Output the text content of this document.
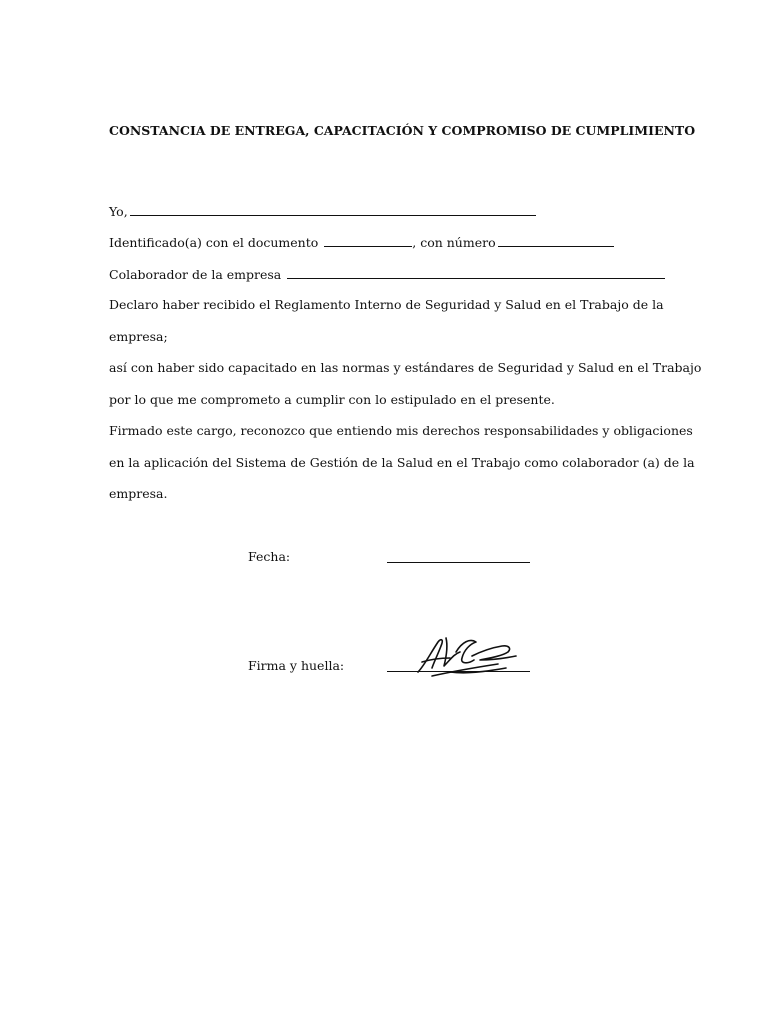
CONSTANCIA DE ENTREGA, CAPACITACIÓN Y COMPROMISO DE CUMPLIMIENTO
Yo,
Identificado(a) con el documento	, con número
Colaborador de la empresa
Declaro haber recibido el Reglamento Interno de Seguridad y Salud en el Trabajo de la
empresa;
así con haber sido capacitado en las normas y estándares de Seguridad y Salud en el Trabajo
por lo que me comprometo a cumplir con lo estipulado en el presente.
Firmado este cargo, reconozco que entiendo mis derechos responsabilidades y obligaciones
en la aplicación del Sistema de Gestión de la Salud en el Trabajo como colaborador (a) de la
empresa.
Fecha:
Firma y huella:
